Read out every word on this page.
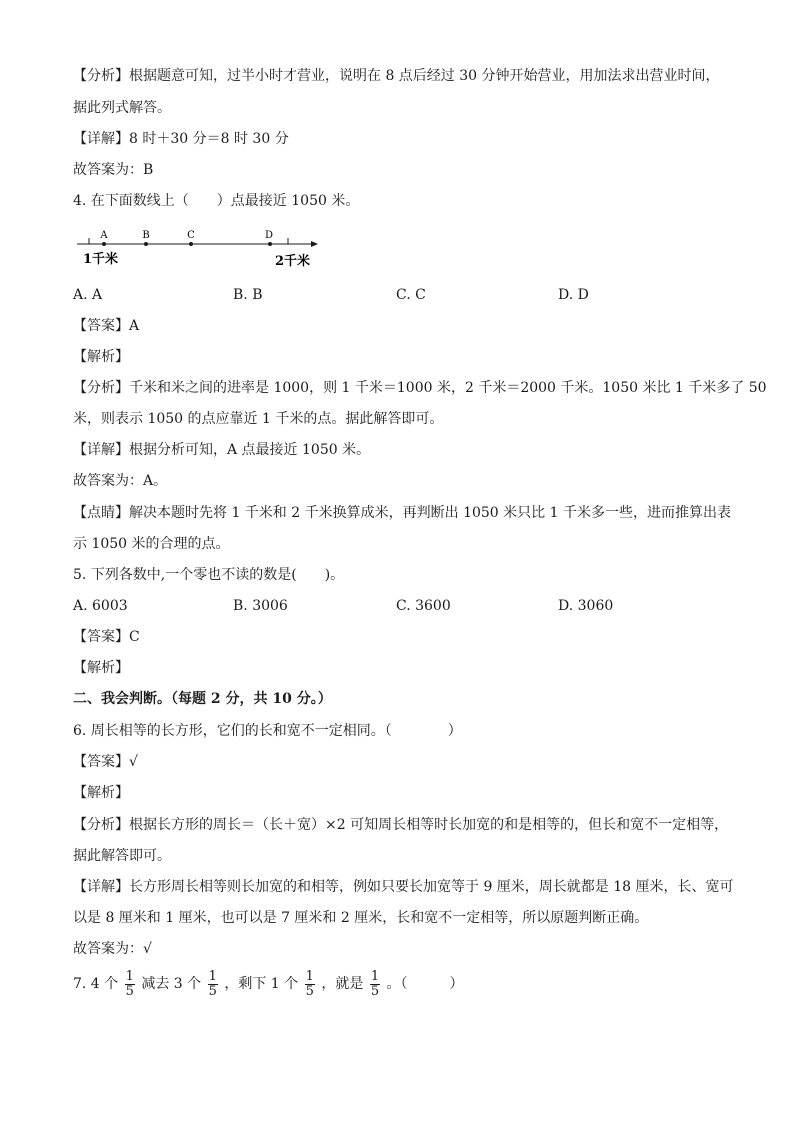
【分析】根据题意可知，过半小时才营业，说明在 8 点后经过 30 分钟开始营业，用加法求出营业时间，
据此列式解答。
【详解】8 时＋30 分＝8 时 30 分
故答案为：B
4. 在下面数线上（　　）点最接近 1050 米。
A	B	C	D
1千米	2千米
A. A	B. B	C. C	D. D
【答案】A
【解析】
【分析】千米和米之间的进率是 1000，则 1 千米＝1000 米，2 千米＝2000 千米。1050 米比 1 千米多了 50
米，则表示 1050 的点应靠近 1 千米的点。据此解答即可。
【详解】根据分析可知，A 点最接近 1050 米。
故答案为：A。
【点睛】解决本题时先将 1 千米和 2 千米换算成米，再判断出 1050 米只比 1 千米多一些，进而推算出表
示 1050 米的合理的点。
5. 下列各数中,一个零也不读的数是(　　)。
A. 6003	B. 3006	C. 3600	D. 3060
【答案】C
【解析】
二、我会判断。（每题 2 分，共 10 分。）
6. 周长相等的长方形，它们的长和宽不一定相同。（　　　　）
【答案】√
【解析】
【分析】根据长方形的周长＝（长＋宽）×2 可知周长相等时长加宽的和是相等的，但长和宽不一定相等，
据此解答即可。
【详解】长方形周长相等则长加宽的和相等，例如只要长加宽等于 9 厘米，周长就都是 18 厘米，长、宽可
以是 8 厘米和 1 厘米，也可以是 7 厘米和 2 厘米，长和宽不一定相等，所以原题判断正确。
故答案为：√
7. 4 个 $\frac{1}{5}$ 减去 3 个 $\frac{1}{5}$ ，剩下 1 个 $\frac{1}{5}$ ，就是 $\frac{1}{5}$ 。（　　　）
